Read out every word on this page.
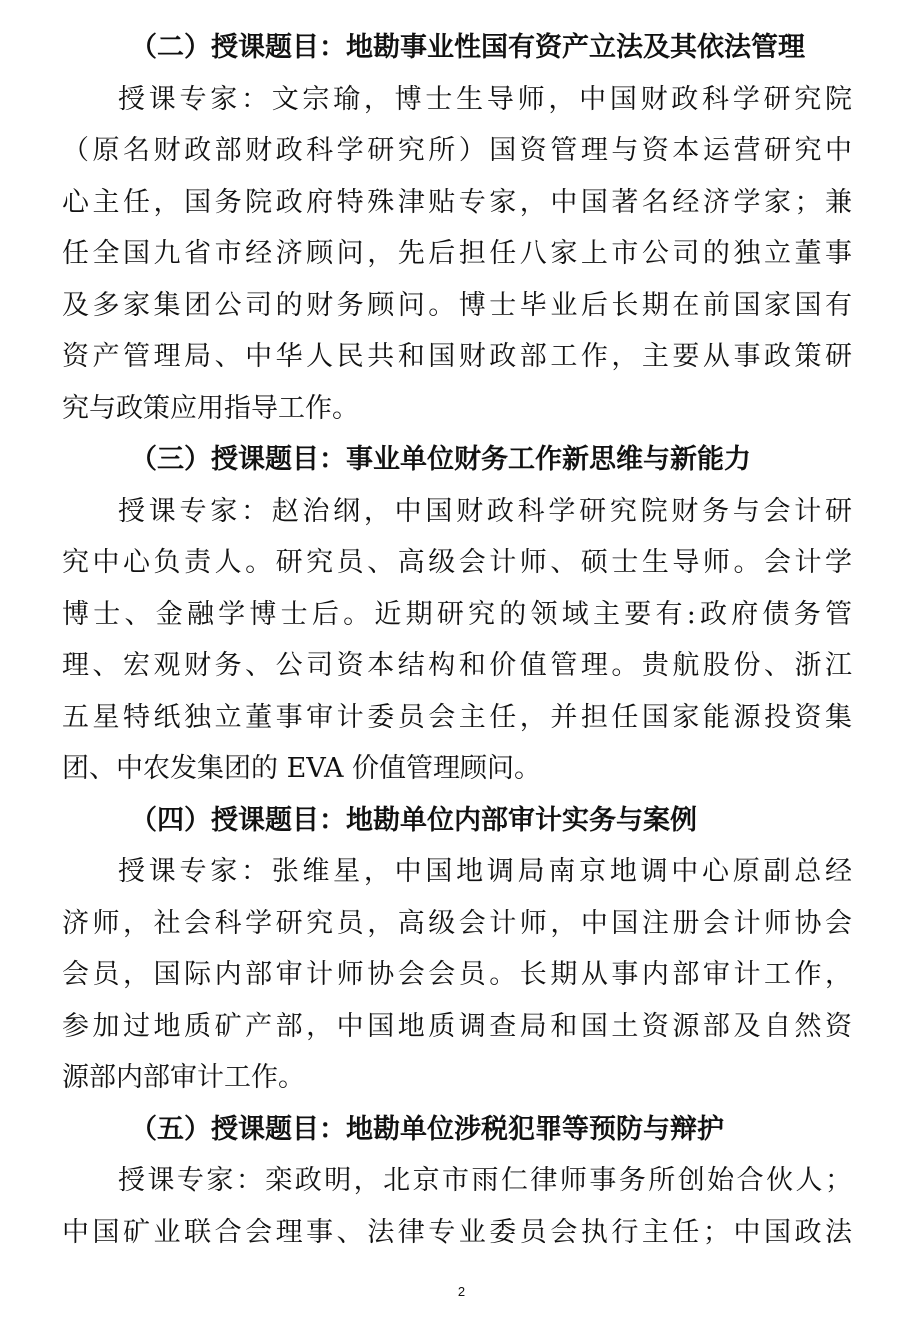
（二）授课题目：地勘事业性国有资产立法及其依法管理
授课专家：文宗瑜，博士生导师，中国财政科学研究院
（原名财政部财政科学研究所）国资管理与资本运营研究中
心主任，国务院政府特殊津贴专家，中国著名经济学家；兼
任全国九省市经济顾问，先后担任八家上市公司的独立董事
及多家集团公司的财务顾问。博士毕业后长期在前国家国有
资产管理局、中华人民共和国财政部工作，主要从事政策研
究与政策应用指导工作。
（三）授课题目：事业单位财务工作新思维与新能力
授课专家：赵治纲，中国财政科学研究院财务与会计研
究中心负责人。研究员、高级会计师、硕士生导师。会计学
博士、金融学博士后。近期研究的领域主要有:政府债务管
理、宏观财务、公司资本结构和价值管理。贵航股份、浙江
五星特纸独立董事审计委员会主任，并担任国家能源投资集
团、中农发集团的 EVA 价值管理顾问。
（四）授课题目：地勘单位内部审计实务与案例
授课专家：张维星，中国地调局南京地调中心原副总经
济师，社会科学研究员，高级会计师，中国注册会计师协会
会员，国际内部审计师协会会员。长期从事内部审计工作，
参加过地质矿产部，中国地质调查局和国土资源部及自然资
源部内部审计工作。
（五）授课题目：地勘单位涉税犯罪等预防与辩护
授课专家：栾政明，北京市雨仁律师事务所创始合伙人；
中国矿业联合会理事、法律专业委员会执行主任；中国政法
2
